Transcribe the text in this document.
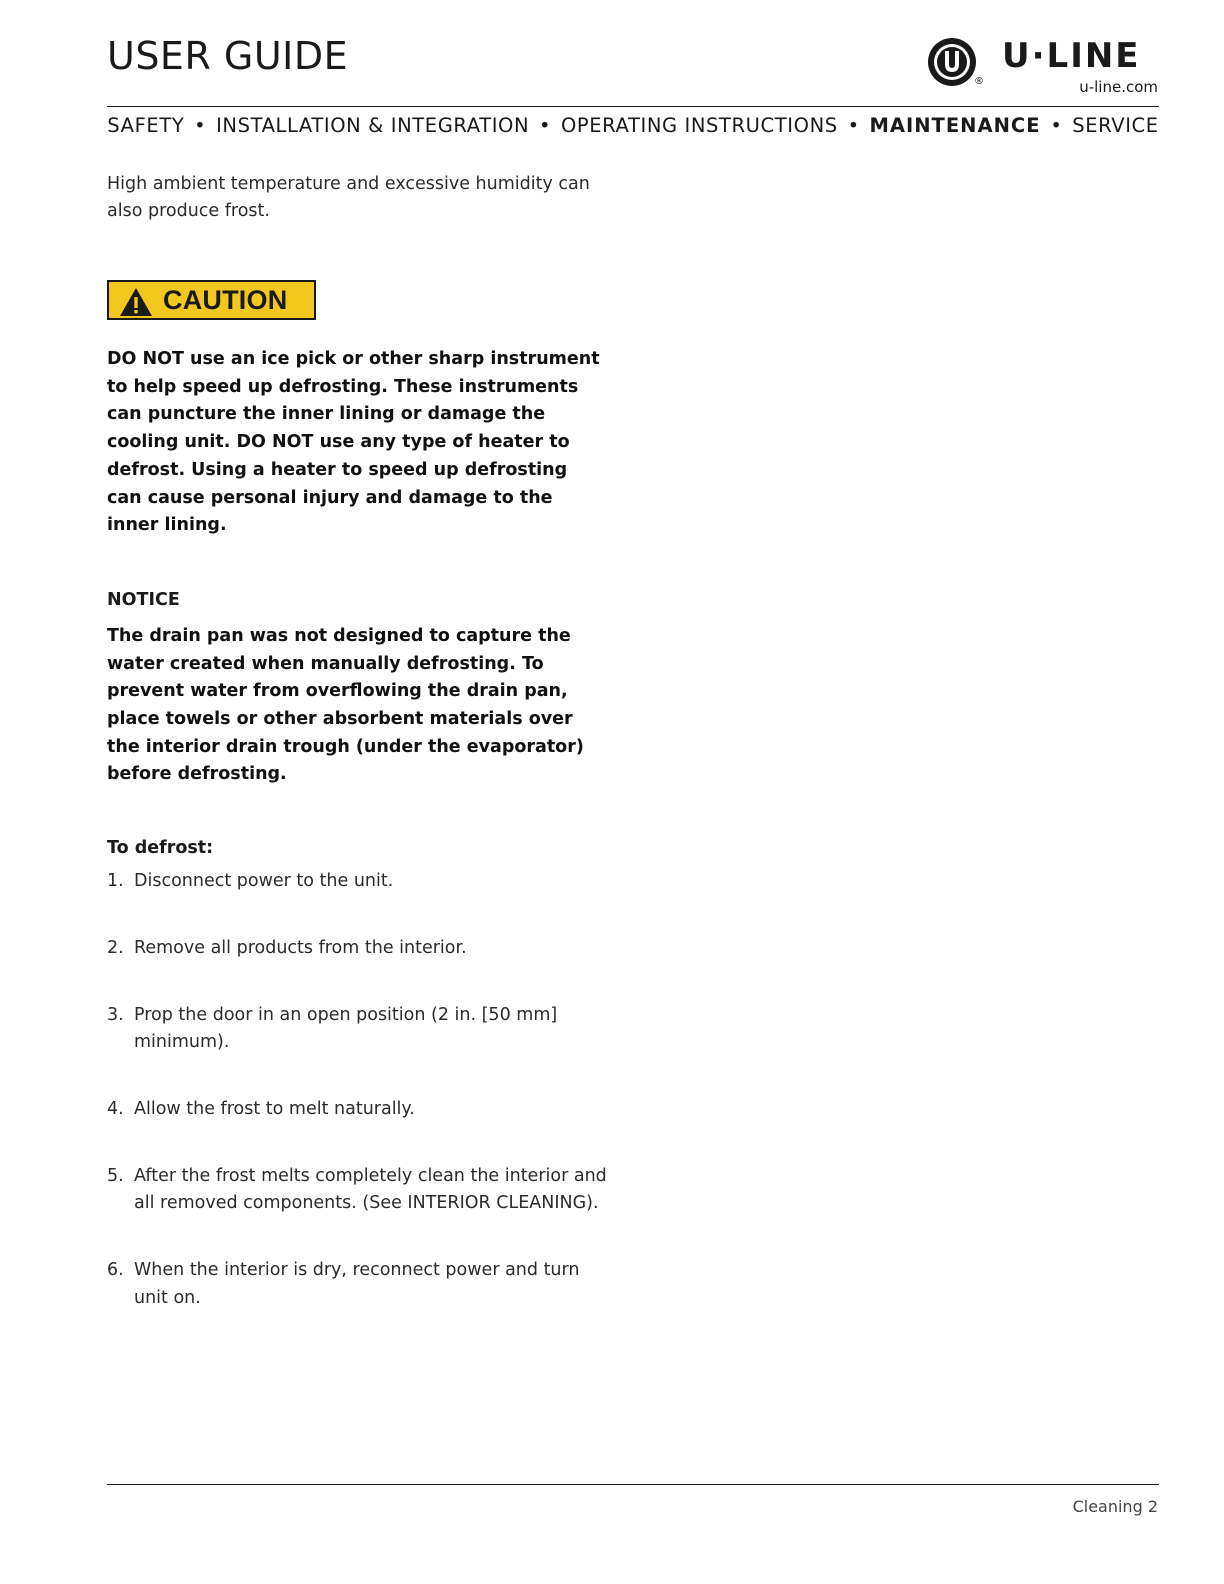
USER GUIDE
®
U·LINE
u-line.com
SAFETY • INSTALLATION & INTEGRATION • OPERATING INSTRUCTIONS • MAINTENANCE • SERVICE

High ambient temperature and excessive humidity can also produce frost.

CAUTION

DO NOT use an ice pick or other sharp instrument to help speed up defrosting. These instruments can puncture the inner lining or damage the cooling unit. DO NOT use any type of heater to defrost. Using a heater to speed up defrosting can cause personal injury and damage to the inner lining.

NOTICE

The drain pan was not designed to capture the water created when manually defrosting. To prevent water from overflowing the drain pan, place towels or other absorbent materials over the interior drain trough (under the evaporator) before defrosting.

To defrost:
1. Disconnect power to the unit.
2. Remove all products from the interior.
3. Prop the door in an open position (2 in. [50 mm] minimum).
4. Allow the frost to melt naturally.
5. After the frost melts completely clean the interior and all removed components. (See INTERIOR CLEANING).
6. When the interior is dry, reconnect power and turn unit on.
Cleaning 2
